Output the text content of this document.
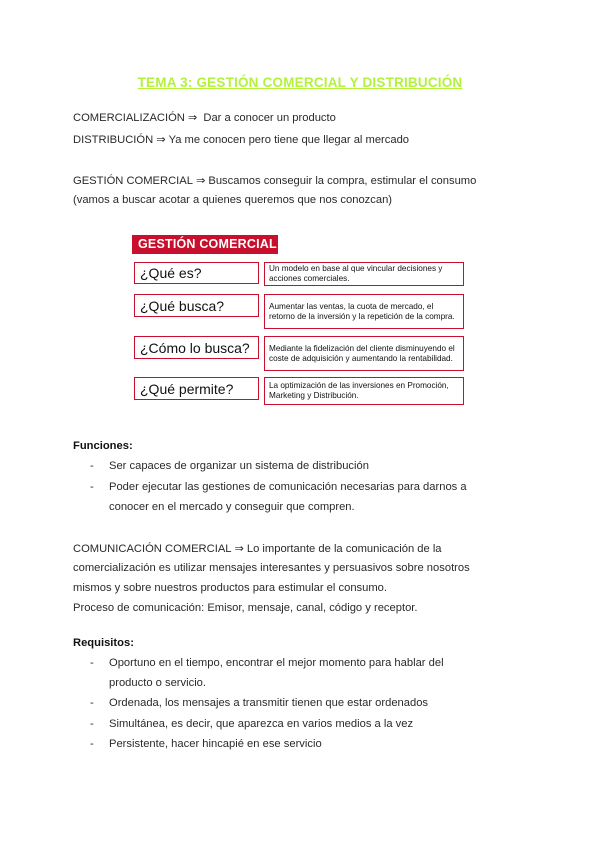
TEMA 3: GESTIÓN COMERCIAL Y DISTRIBUCIÓN
COMERCIALIZACIÓN ⇒ Dar a conocer un producto
DISTRIBUCIÓN ⇒ Ya me conocen pero tiene que llegar al mercado
GESTIÓN COMERCIAL ⇒ Buscamos conseguir la compra, estimular el consumo
(vamos a buscar acotar a quienes queremos que nos conozcan)
GESTIÓN COMERCIAL
¿Qué es?	Un modelo en base al que vincular decisiones y acciones comerciales.
¿Qué busca?	Aumentar las ventas, la cuota de mercado, el retorno de la inversión y la repetición de la compra.
¿Cómo lo busca?	Mediante la fidelización del cliente disminuyendo el coste de adquisición y aumentando la rentabilidad.
¿Qué permite?	La optimización de las inversiones en Promoción, Marketing y Distribución.
Funciones:
- Ser capaces de organizar un sistema de distribución
- Poder ejecutar las gestiones de comunicación necesarias para darnos a
conocer en el mercado y conseguir que compren.
COMUNICACIÓN COMERCIAL ⇒ Lo importante de la comunicación de la
comercialización es utilizar mensajes interesantes y persuasivos sobre nosotros
mismos y sobre nuestros productos para estimular el consumo.
Proceso de comunicación: Emisor, mensaje, canal, código y receptor.
Requisitos:
- Oportuno en el tiempo, encontrar el mejor momento para hablar del
producto o servicio.
- Ordenada, los mensajes a transmitir tienen que estar ordenados
- Simultánea, es decir, que aparezca en varios medios a la vez
- Persistente, hacer hincapié en ese servicio
